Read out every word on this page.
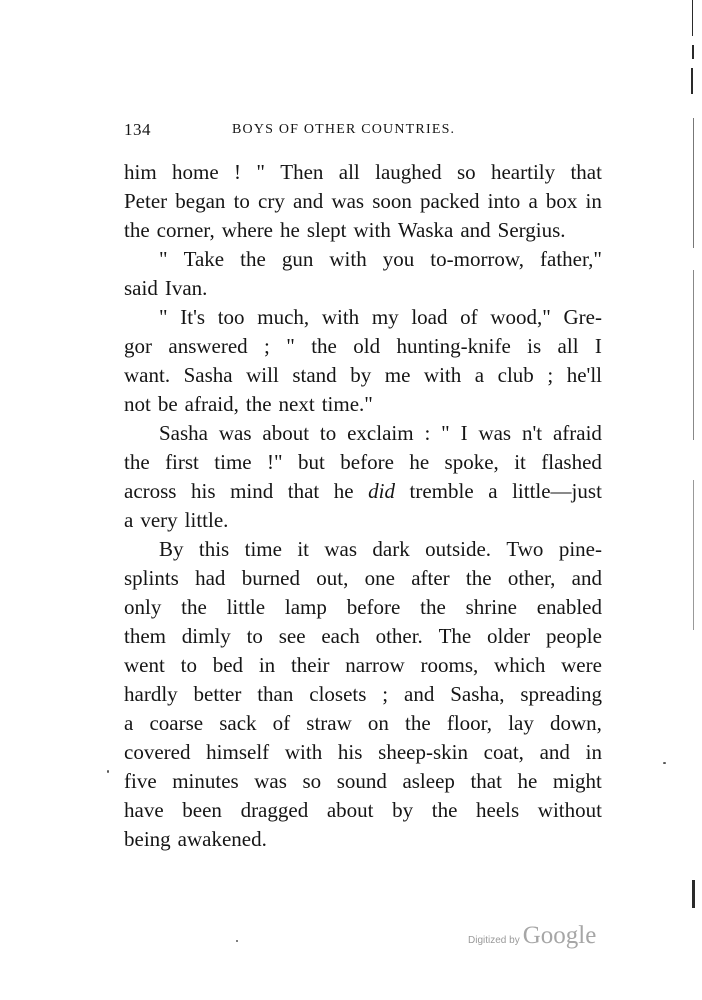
134	BOYS OF OTHER COUNTRIES.
him home ! " Then all laughed so heartily that
Peter began to cry and was soon packed into a box in
the corner, where he slept with Waska and Sergius.
" Take the gun with you to-morrow, father,"
said Ivan.
" It's too much, with my load of wood," Gre-
gor answered ; " the old hunting-knife is all I
want. Sasha will stand by me with a club ; he'll
not be afraid, the next time."
Sasha was about to exclaim : " I was n't afraid
the first time !" but before he spoke, it flashed
across his mind that he did tremble a little—just
a very little.
By this time it was dark outside. Two pine-
splints had burned out, one after the other, and
only the little lamp before the shrine enabled
them dimly to see each other. The older people
went to bed in their narrow rooms, which were
hardly better than closets ; and Sasha, spreading
a coarse sack of straw on the floor, lay down,
covered himself with his sheep-skin coat, and in
five minutes was so sound asleep that he might
have been dragged about by the heels without
being awakened.
Digitized by Google
